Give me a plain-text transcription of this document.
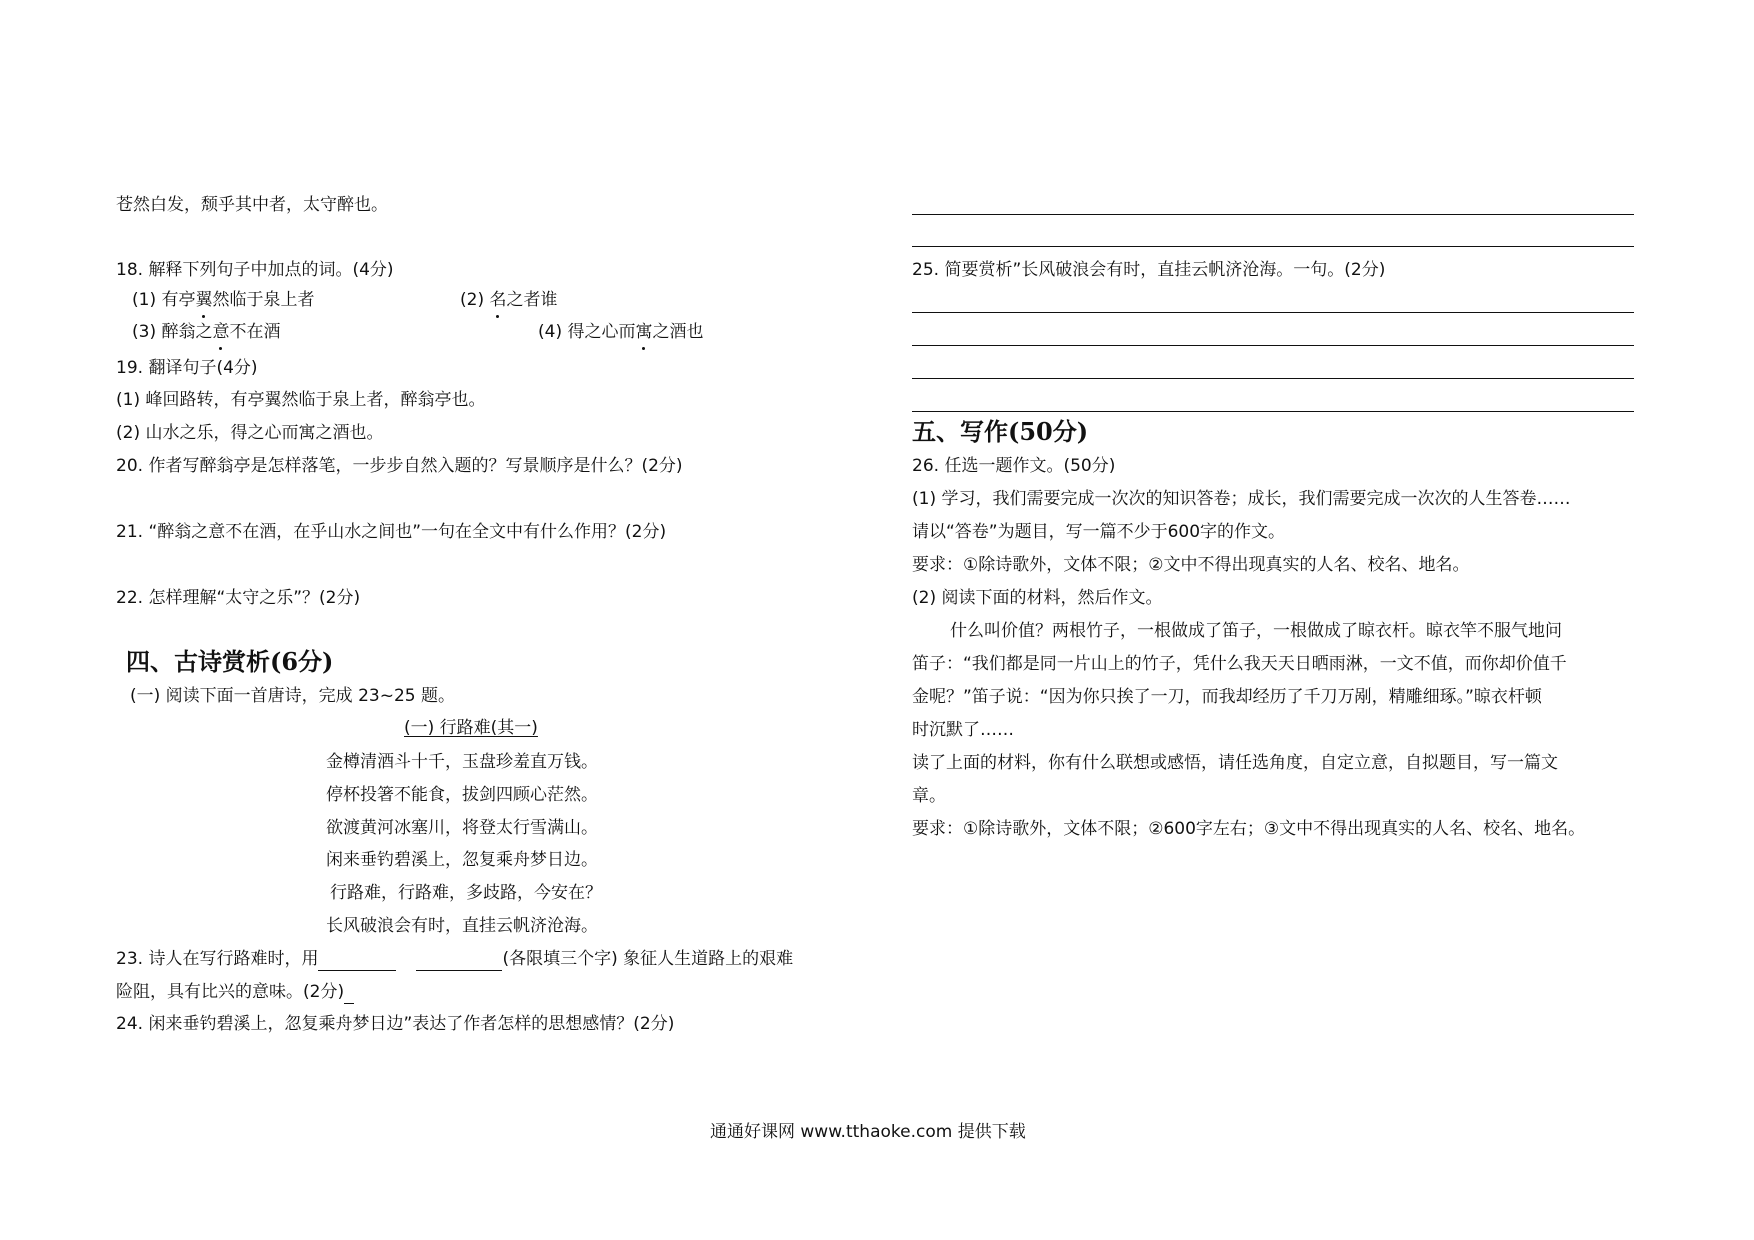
苍然白发，颓乎其中者，太守醉也。
18. 解释下列句子中加点的词。(4分)
(1) 有亭翼然临于泉上者	(2) 名之者谁
(3) 醉翁之意不在酒	(4) 得之心而寓之酒也
19. 翻译句子(4分)
(1) 峰回路转，有亭翼然临于泉上者，醉翁亭也。
(2) 山水之乐，得之心而寓之酒也。
20. 作者写醉翁亭是怎样落笔，一步步自然入题的？写景顺序是什么？(2分)
21. “醉翁之意不在酒，在乎山水之间也”一句在全文中有什么作用？(2分)
22. 怎样理解“太守之乐”？(2分)
四、古诗赏析(6分)
(一) 阅读下面一首唐诗，完成 23~25 题。
(一) 行路难(其一)
金樽清酒斗十千，玉盘珍羞直万钱。
停杯投箸不能食，拔剑四顾心茫然。
欲渡黄河冰塞川，将登太行雪满山。
闲来垂钓碧溪上，忽复乘舟梦日边。
行路难，行路难，多歧路，今安在？
长风破浪会有时，直挂云帆济沧海。
23. 诗人在写行路难时，用	(各限填三个字) 象征人生道路上的艰难
险阻，具有比兴的意味。(2分)
24. 闲来垂钓碧溪上，忽复乘舟梦日边”表达了作者怎样的思想感情？(2分)
25. 简要赏析”长风破浪会有时，直挂云帆济沧海。一句。(2分)
五、写作(50分)
26. 任选一题作文。(50分)
(1) 学习，我们需要完成一次次的知识答卷；成长，我们需要完成一次次的人生答卷……
请以“答卷”为题目，写一篇不少于600字的作文。
要求：①除诗歌外，文体不限；②文中不得出现真实的人名、校名、地名。
(2) 阅读下面的材料，然后作文。
什么叫价值？两根竹子，一根做成了笛子，一根做成了晾衣杆。晾衣竿不服气地问
笛子：“我们都是同一片山上的竹子，凭什么我天天日晒雨淋，一文不值，而你却价值千
金呢？”笛子说：“因为你只挨了一刀，而我却经历了千刀万剐，精雕细琢。”晾衣杆顿
时沉默了……
读了上面的材料，你有什么联想或感悟，请任选角度，自定立意，自拟题目，写一篇文
章。
要求：①除诗歌外，文体不限；②600字左右；③文中不得出现真实的人名、校名、地名。
通通好课网 www.tthaoke.com 提供下载
